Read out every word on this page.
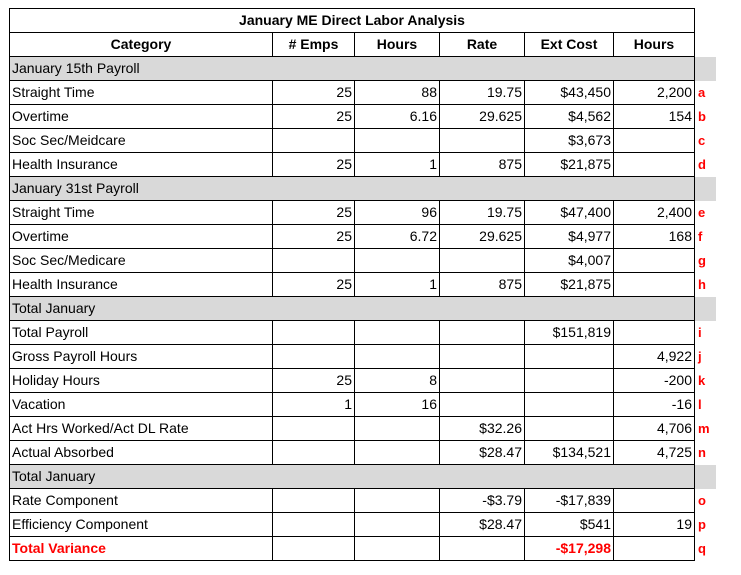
January ME Direct Labor Analysis						
Category	# Emps	Hours	Rate	Ext Cost	Hours	
January 15th Payroll						
Straight Time	25	88	19.75	$43,450	2,200	a
Overtime	25	6.16	29.625	$4,562	154	b
Soc Sec/Meidcare				$3,673		c
Health Insurance	25	1	875	$21,875		d
January 31st Payroll						
Straight Time	25	96	19.75	$47,400	2,400	e
Overtime	25	6.72	29.625	$4,977	168	f
Soc Sec/Medicare				$4,007		g
Health Insurance	25	1	875	$21,875		h
Total January						
Total Payroll				$151,819		i
Gross Payroll Hours					4,922	j
Holiday Hours	25	8			-200	k
Vacation	1	16			-16	l
Act Hrs Worked/Act DL Rate			$32.26		4,706	m
Actual Absorbed			$28.47	$134,521	4,725	n
Total January						
Rate Component			-$3.79	-$17,839		o
Efficiency Component			$28.47	$541	19	p
Total Variance				-$17,298		q
